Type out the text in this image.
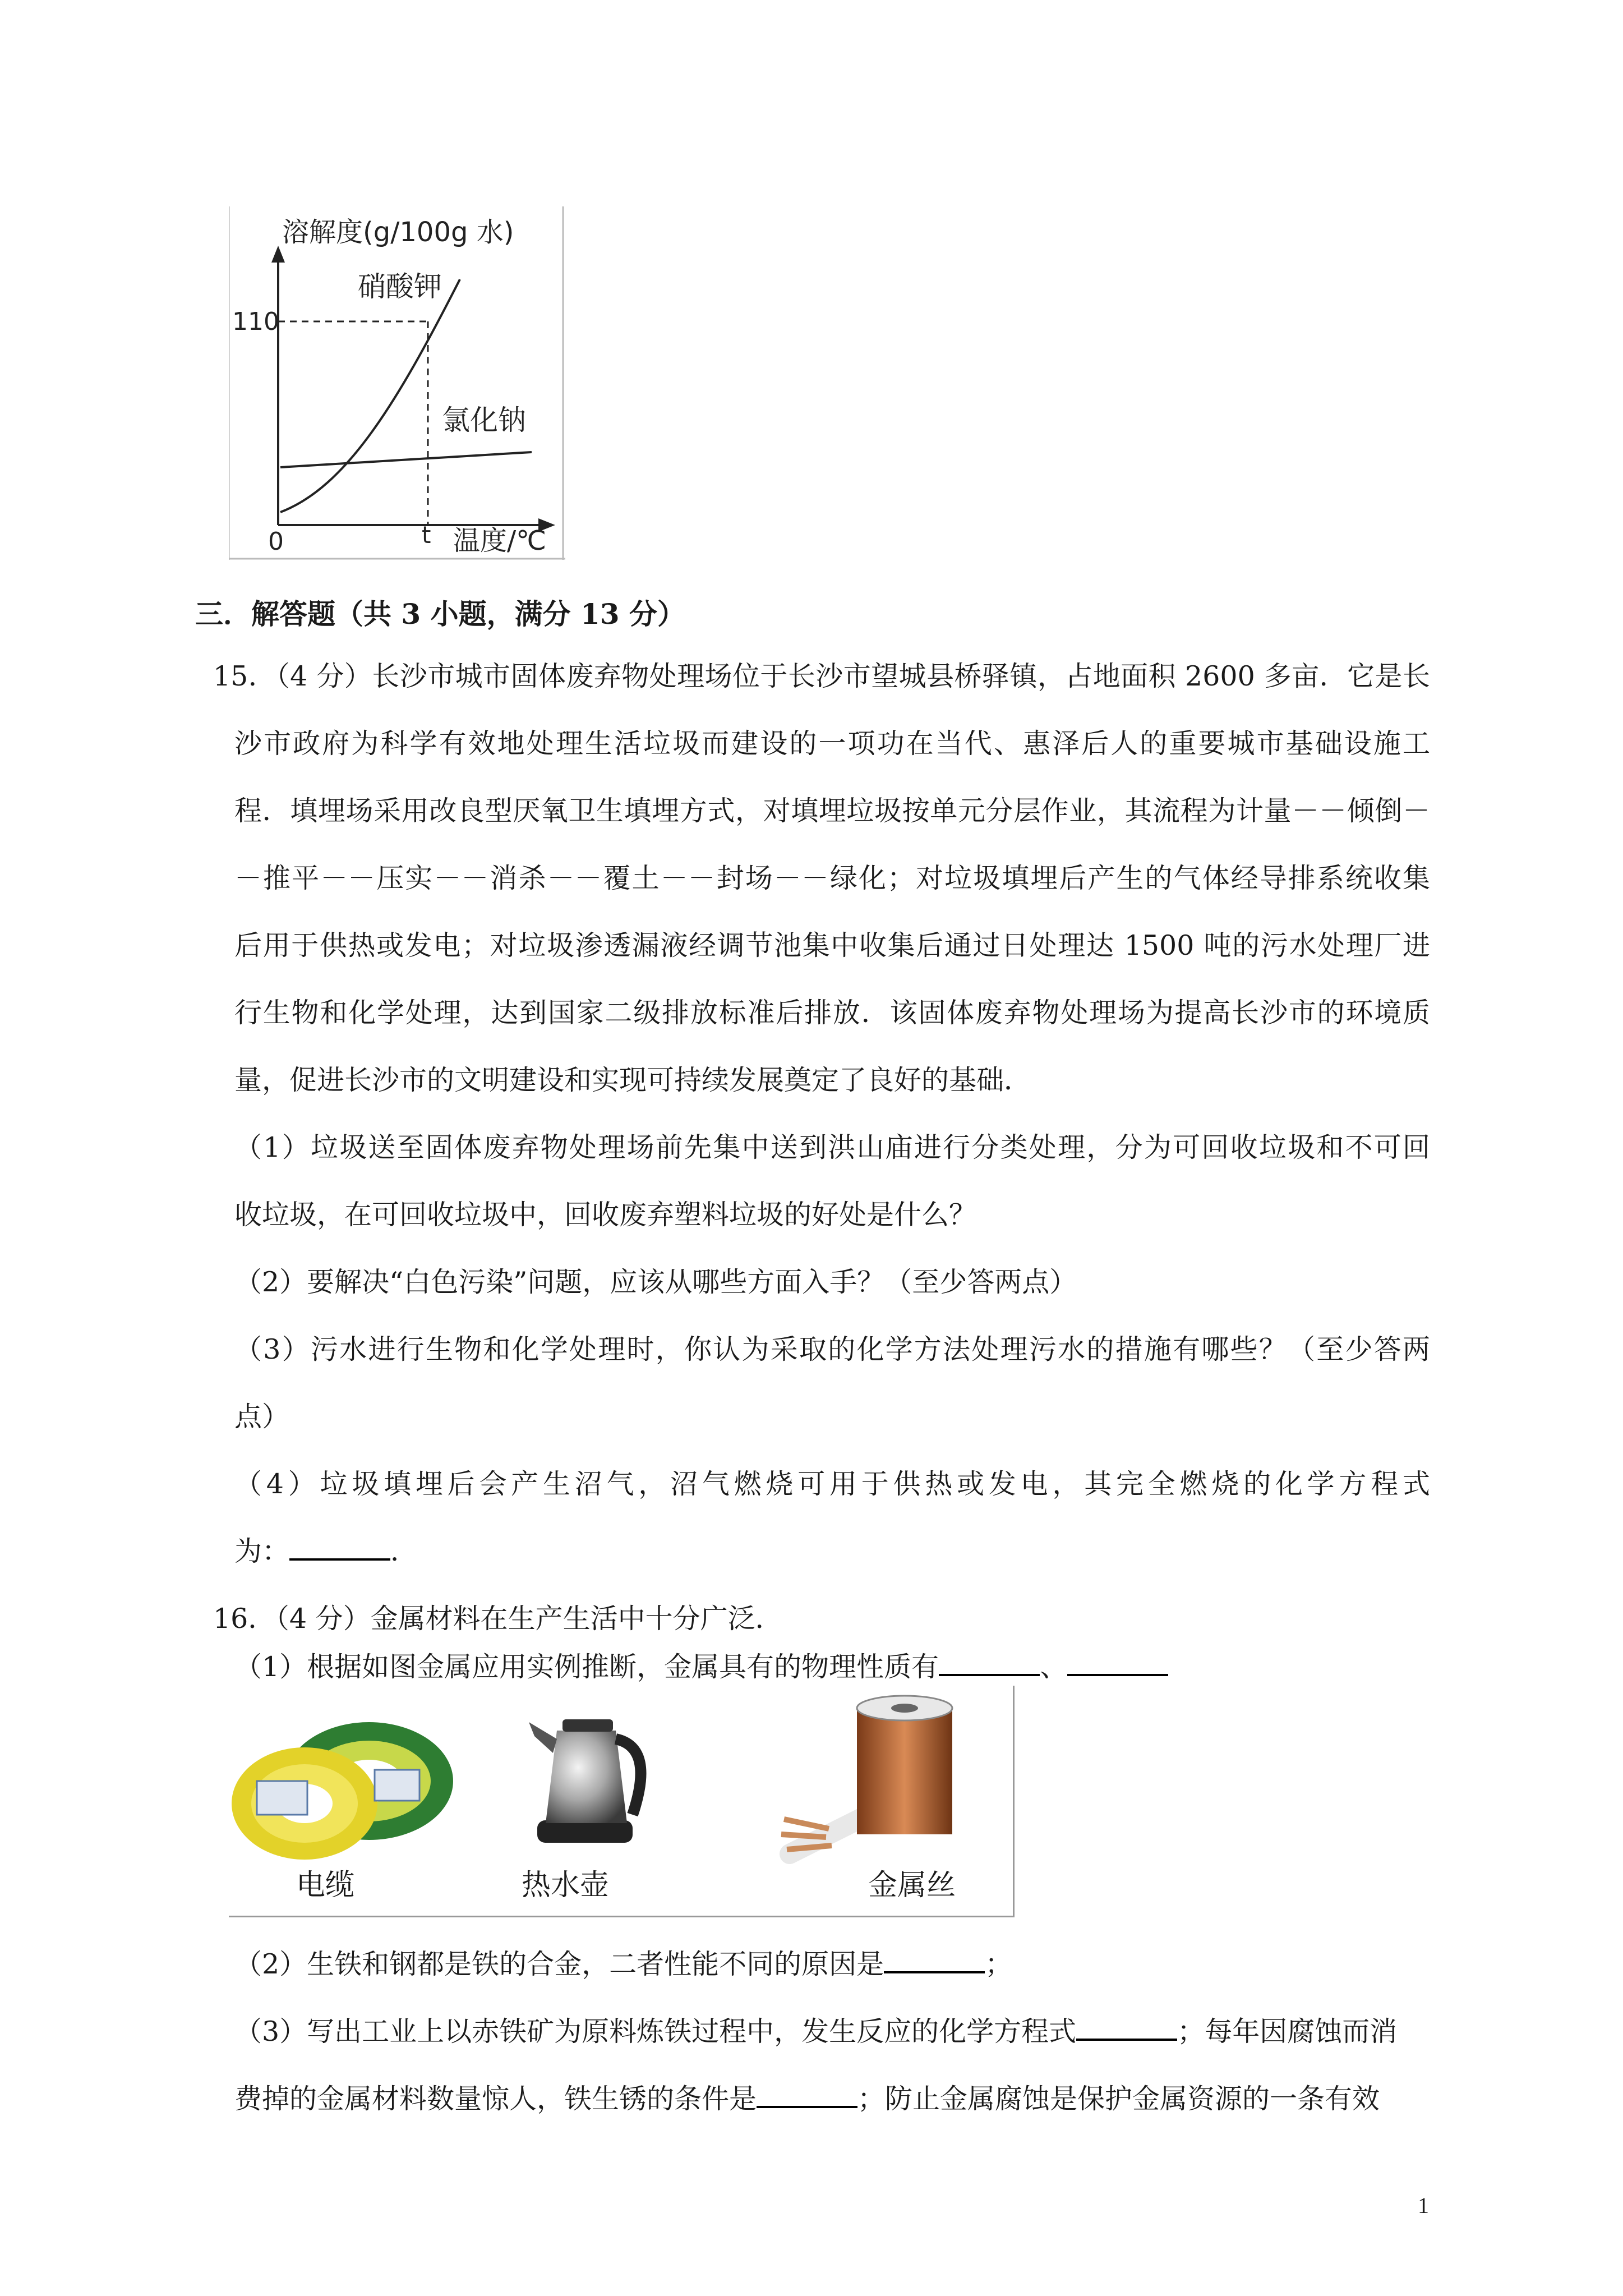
溶解度(g/100g 水)
硝酸钾
氯化钠
110
0	t 温度/℃
三．解答题（共 3 小题，满分 13 分）
15．（4 分）长沙市城市固体废弃物处理场位于长沙市望城县桥驿镇，占地面积 2600 多亩．它是长
沙市政府为科学有效地处理生活垃圾而建设的一项功在当代、惠泽后人的重要城市基础设施工
程．填埋场采用改良型厌氧卫生填埋方式，对填埋垃圾按单元分层作业，其流程为计量－－倾倒－
－推平－－压实－－消杀－－覆土－－封场－－绿化；对垃圾填埋后产生的气体经导排系统收集
后用于供热或发电；对垃圾渗透漏液经调节池集中收集后通过日处理达 1500 吨的污水处理厂进
行生物和化学处理，达到国家二级排放标准后排放．该固体废弃物处理场为提高长沙市的环境质
量，促进长沙市的文明建设和实现可持续发展奠定了良好的基础．
（1）垃圾送至固体废弃物处理场前先集中送到洪山庙进行分类处理，分为可回收垃圾和不可回
收垃圾，在可回收垃圾中，回收废弃塑料垃圾的好处是什么？
（2）要解决“白色污染”问题，应该从哪些方面入手？（至少答两点）
（3）污水进行生物和化学处理时，你认为采取的化学方法处理污水的措施有哪些？（至少答两
点）
（4）垃圾填埋后会产生沼气，沼气燃烧可用于供热或发电，其完全燃烧的化学方程式
为：	．
16．（4 分）金属材料在生产生活中十分广泛．
（1）根据如图金属应用实例推断，金属具有的物理性质有	、
电缆	热水壶	金属丝
（2）生铁和钢都是铁的合金，二者性能不同的原因是	；
（3）写出工业上以赤铁矿为原料炼铁过程中，发生反应的化学方程式	；每年因腐蚀而消
费掉的金属材料数量惊人，铁生锈的条件是	；防止金属腐蚀是保护金属资源的一条有效
1
